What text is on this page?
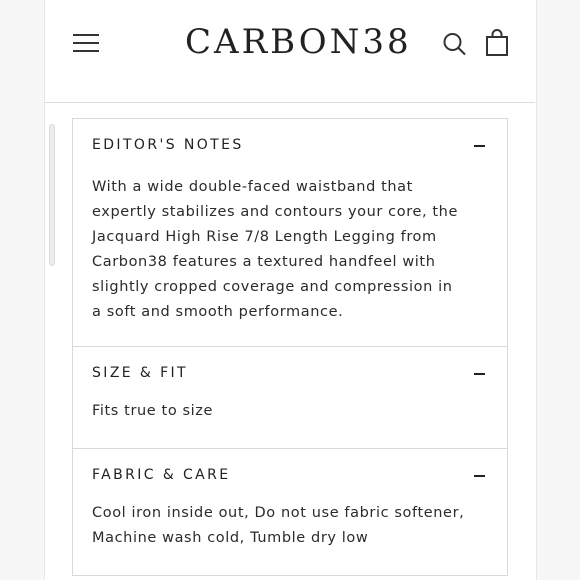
CARBON38
EDITOR'S NOTES
With a wide double-faced waistband that expertly stabilizes and contours your core, the Jacquard High Rise 7/8 Length Legging from Carbon38 features a textured handfeel with slightly cropped coverage and compression in a soft and smooth performance.
SIZE & FIT
Fits true to size
FABRIC & CARE
Cool iron inside out, Do not use fabric softener, Machine wash cold, Tumble dry low
